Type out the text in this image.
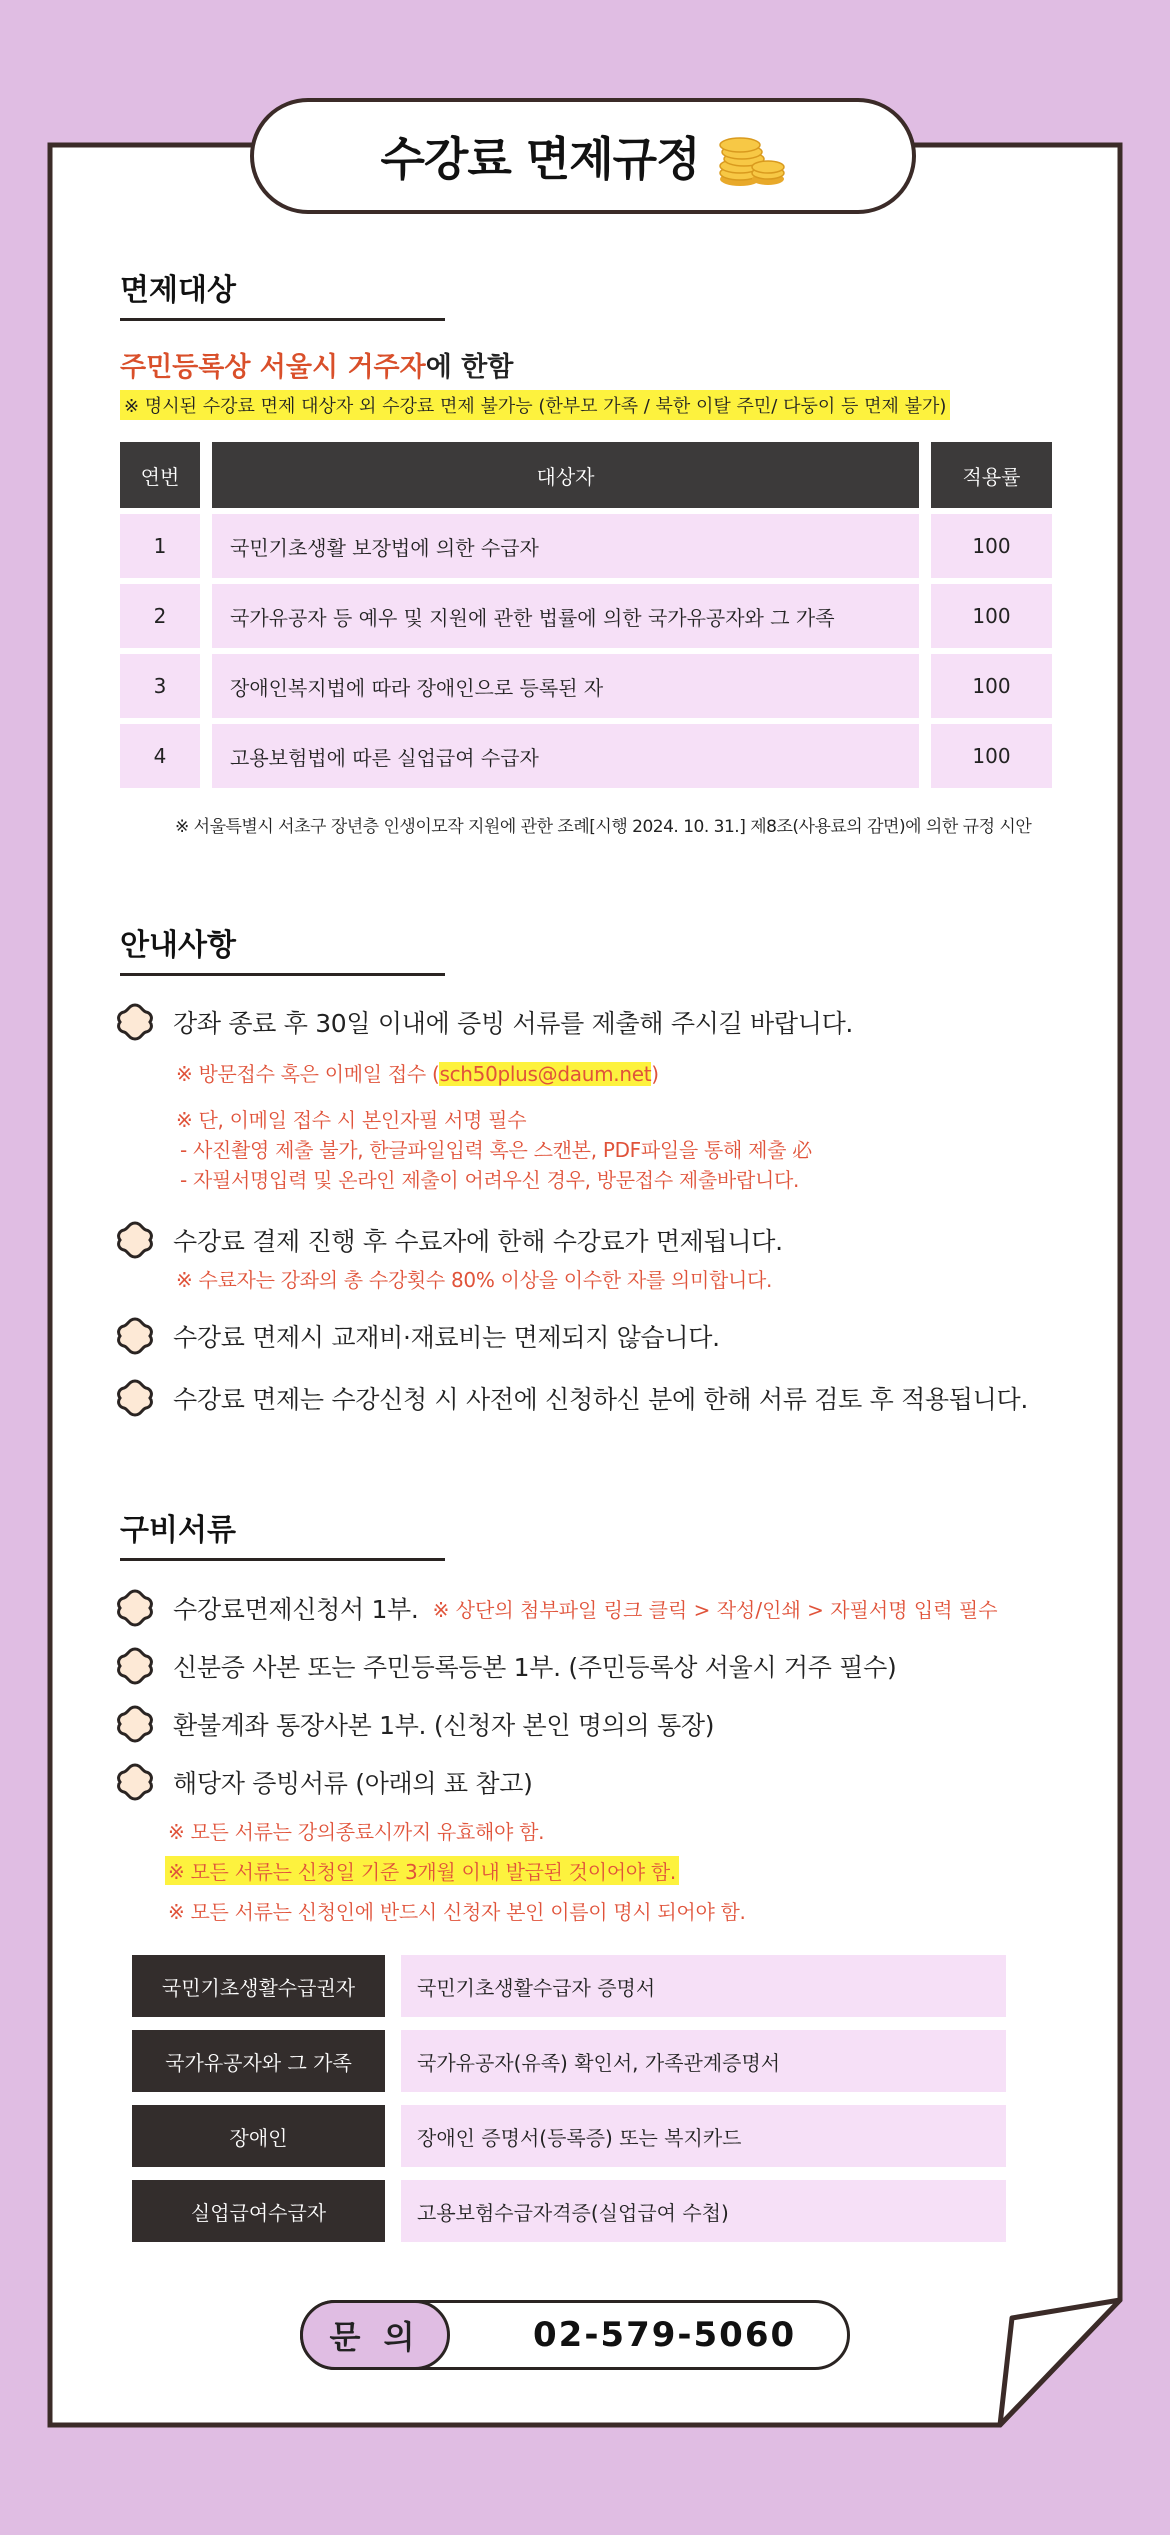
수강료 면제규정
면제대상
주민등록상 서울시 거주자에 한함
※ 명시된 수강료 면제 대상자 외 수강료 면제 불가능 (한부모 가족 / 북한 이탈 주민/ 다둥이 등 면제 불가)
연번	대상자	적용률
1	국민기초생활 보장법에 의한 수급자	100
2	국가유공자 등 예우 및 지원에 관한 법률에 의한 국가유공자와 그 가족	100
3	장애인복지법에 따라 장애인으로 등록된 자	100
4	고용보험법에 따른 실업급여 수급자	100
※ 서울특별시 서초구 장년층 인생이모작 지원에 관한 조례[시행 2024. 10. 31.] 제8조(사용료의 감면)에 의한 규정 시안
안내사항
강좌 종료 후 30일 이내에 증빙 서류를 제출해 주시길 바랍니다.
※ 방문접수 혹은 이메일 접수 (sch50plus@daum.net)
※ 단, 이메일 접수 시 본인자필 서명 필수
- 사진촬영 제출 불가, 한글파일입력 혹은 스캔본, PDF파일을 통해 제출 必
- 자필서명입력 및 온라인 제출이 어려우신 경우, 방문접수 제출바랍니다.
수강료 결제 진행 후 수료자에 한해 수강료가 면제됩니다.
※ 수료자는 강좌의 총 수강횟수 80% 이상을 이수한 자를 의미합니다.
수강료 면제시 교재비·재료비는 면제되지 않습니다.
수강료 면제는 수강신청 시 사전에 신청하신 분에 한해 서류 검토 후 적용됩니다.
구비서류
수강료면제신청서 1부. ※ 상단의 첨부파일 링크 클릭 > 작성/인쇄 > 자필서명 입력 필수
신분증 사본 또는 주민등록등본 1부. (주민등록상 서울시 거주 필수)
환불계좌 통장사본 1부. (신청자 본인 명의의 통장)
해당자 증빙서류 (아래의 표 참고)
※ 모든 서류는 강의종료시까지 유효해야 함.
※ 모든 서류는 신청일 기준 3개월 이내 발급된 것이어야 함.
※ 모든 서류는 신청인에 반드시 신청자 본인 이름이 명시 되어야 함.
국민기초생활수급권자	국민기초생활수급자 증명서
국가유공자와 그 가족	국가유공자(유족) 확인서, 가족관계증명서
장애인	장애인 증명서(등록증) 또는 복지카드
실업급여수급자	고용보험수급자격증(실업급여 수첩)
문 의	02-579-5060
